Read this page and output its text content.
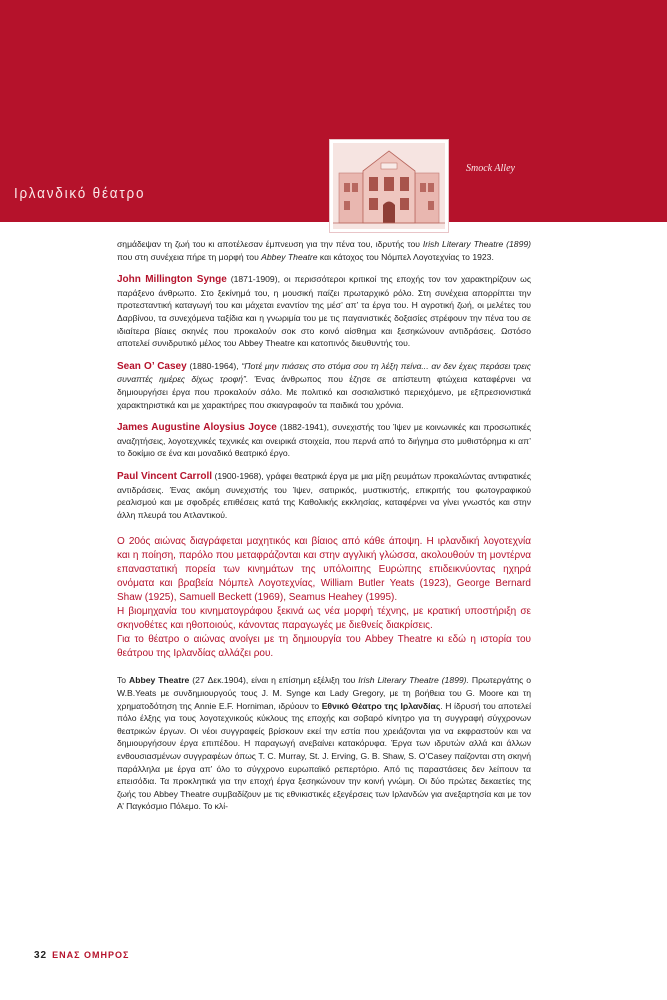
Ιρλανδικό θέατρο
Smock Alley

σημάδεψαν τη ζωή του κι αποτέλεσαν έμπνευση για την πένα του, ιδρυτής του Irish Literary Theatre (1899) που στη συνέχεια πήρε τη μορφή του Abbey Theatre και κάτοχος του Νόμπελ Λογοτεχνίας το 1923.

John Millington Synge (1871-1909), οι περισσότεροι κριτικοί της εποχής τον τον χαρακτηρίζουν ως παράξενο άνθρωπο. Στο ξεκίνημά του, η μουσική παίζει πρωταρχικό ρόλο. Στη συνέχεια απορρίπτει την προτεσταντική καταγωγή του και μάχεται εναντίον της μέσ’ απ’ τα έργα του. Η αγροτική ζωή, οι μελέτες του Δαρβίνου, τα συνεχόμενα ταξίδια και η γνωριμία του με τις παγανιστικές δοξασίες στρέφουν την πένα του σε ιδιαίτερα βίαιες σκηνές που προκαλούν σοκ στο κοινό αίσθημα και ξεσηκώνουν αντιδράσεις. Ωστόσο αποτελεί συνιδρυτικό μέλος του Abbey Theatre και κατοπινός διευθυντής του.

Sean O’ Casey (1880-1964), “Ποτέ μην πιάσεις στο στόμα σου τη λέξη πείνα... αν δεν έχεις περάσει τρεις συναπτές ημέρες δίχως τροφή”. Ένας άνθρωπος που έζησε σε απίστευτη φτώχεια καταφέρνει να δημιουργήσει έργα που προκαλούν σάλο. Με πολιτικό και σοσιαλιστικό περιεχόμενο, με εξπρεσιονιστικά χαρακτηριστικά και με χαρακτήρες που σκιαγραφούν τα παιδικά του χρόνια.

James Augustine Aloysius Joyce (1882-1941), συνεχιστής του Ίψεν με κοινωνικές και προσωπικές αναζητήσεις, λογοτεχνικές τεχνικές και ονειρικά στοιχεία, που περνά από το διήγημα στο μυθιστόρημα κι απ’ το δοκίμιο σε ένα και μοναδικό θεατρικό έργο.

Paul Vincent Carroll (1900-1968), γράφει θεατρικά έργα με μια μίξη ρευμάτων προκαλώντας αντιφατικές αντιδράσεις. Ένας ακόμη συνεχιστής του Ίψεν, σατιρικός, μυστικιστής, επικριτής του φωτογραφικού ρεαλισμού και με σφοδρές επιθέσεις κατά της Καθολικής εκκλησίας, καταφέρνει να γίνει γνωστός και στην άλλη πλευρά του Ατλαντικού.

Ο 20ός αιώνας διαγράφεται μαχητικός και βίαιος από κάθε άποψη. Η ιρλανδική λογοτεχνία και η ποίηση, παρόλο που μεταφράζονται και στην αγγλική γλώσσα, ακολουθούν τη μοντέρνα επαναστατική πορεία των κινημάτων της υπόλοιπης Ευρώπης επιδεικνύοντας ηχηρά ονόματα και βραβεία Νόμπελ Λογοτεχνίας, William Butler Yeats (1923), George Bernard Shaw (1925), Samuell Beckett (1969), Seamus Heahey (1995).

Η βιομηχανία του κινηματογράφου ξεκινά ως νέα μορφή τέχνης, με κρατική υποστήριξη σε σκηνοθέτες και ηθοποιούς, κάνοντας παραγωγές με διεθνείς διακρίσεις.

Για το θέατρο ο αιώνας ανοίγει με τη δημιουργία του Abbey Theatre κι εδώ η ιστορία του θεάτρου της Ιρλανδίας αλλάζει ρου.

Το Abbey Theatre (27 Δεκ.1904), είναι η επίσημη εξέλιξη του Irish Literary Theatre (1899). Πρωτεργάτης ο W.B.Yeats με συνδημιουργούς τους J. M. Synge και Lady Gregory, με τη βοήθεια του G. Moore και τη χρηματοδότηση της Annie E.F. Horniman, ιδρύουν το Εθνικό Θέατρο της Ιρλανδίας. Η ίδρυσή του αποτελεί πόλο έλξης για τους λογοτεχνικούς κύκλους της εποχής και σοβαρό κίνητρο για τη συγγραφή σύγχρονων θεατρικών έργων. Οι νέοι συγγραφείς βρίσκουν εκεί την εστία που χρειάζονται για να εκφραστούν και να δημιουργήσουν έργα επιπέδου. Η παραγωγή ανεβαίνει κατακόρυφα. Έργα των ιδρυτών αλλά και άλλων ενθουσιασμένων συγγραφέων όπως T. C. Murray, St. J. Erving, G. B. Shaw, S. O’Casey παίζονται στη σκηνή παράλληλα με έργα απ’ όλο το σύγχρονο ευρωπαϊκό ρεπερτόριο. Από τις παραστάσεις δεν λείπουν τα επεισόδια. Τα προκλητικά για την εποχή έργα ξεσηκώνουν την κοινή γνώμη. Οι δύο πρώτες δεκαετίες της ζωής του Abbey Theatre συμβαδίζουν με τις εθνικιστικές εξεγέρσεις των Ιρλανδών για ανεξαρτησία και με τον Α’ Παγκόσμιο Πόλεμο. Το κλί-

32 ΕΝΑΣ ΟΜΗΡΟΣ
